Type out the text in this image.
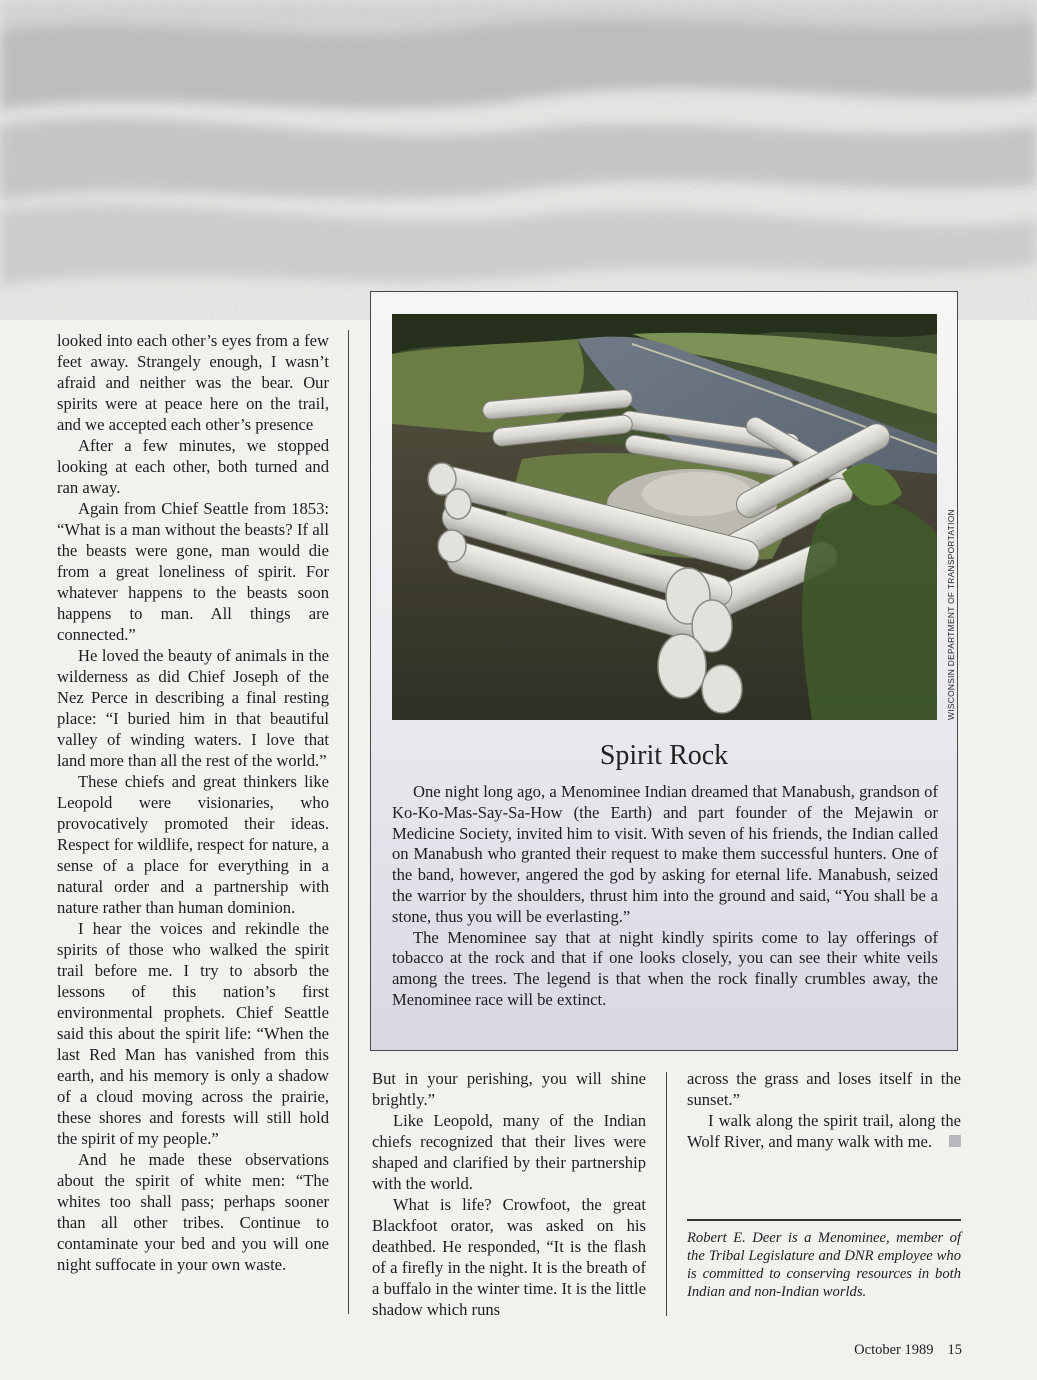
looked into each other’s eyes from a few feet away. Strangely enough, I wasn’t afraid and neither was the bear. Our spirits were at peace here on the trail, and we accepted each other’s presence

After a few minutes, we stopped looking at each other, both turned and ran away.

Again from Chief Seattle from 1853: “What is a man without the beasts? If all the beasts were gone, man would die from a great loneliness of spirit. For whatever happens to the beasts soon happens to man. All things are connected.”

He loved the beauty of animals in the wilderness as did Chief Joseph of the Nez Perce in describing a final resting place: “I buried him in that beautiful valley of winding waters. I love that land more than all the rest of the world.”

These chiefs and great thinkers like Leopold were visionaries, who provocatively promoted their ideas. Respect for wildlife, respect for nature, a sense of a place for everything in a natural order and a partnership with nature rather than human dominion.

I hear the voices and rekindle the spirits of those who walked the spirit trail before me. I try to absorb the lessons of this nation’s first environmental prophets. Chief Seattle said this about the spirit life: “When the last Red Man has vanished from this earth, and his memory is only a shadow of a cloud moving across the prairie, these shores and forests will still hold the spirit of my people.”

And he made these observations about the spirit of white men: “The whites too shall pass; perhaps sooner than all other tribes. Continue to contaminate your bed and you will one night suffocate in your own waste.

Spirit Rock

One night long ago, a Menominee Indian dreamed that Manabush, grandson of Ko-Ko-Mas-Say-Sa-How (the Earth) and part founder of the Mejawin or Medicine Society, invited him to visit. With seven of his friends, the Indian called on Manabush who granted their request to make them successful hunters. One of the band, however, angered the god by asking for eternal life. Manabush, seized the warrior by the shoulders, thrust him into the ground and said, “You shall be a stone, thus you will be everlasting.”

The Menominee say that at night kindly spirits come to lay offerings of tobacco at the rock and that if one looks closely, you can see their white veils among the trees. The legend is that when the rock finally crumbles away, the Menominee race will be extinct.

WISCONSIN DEPARTMENT OF TRANSPORTATION

But in your perishing, you will shine brightly.”

Like Leopold, many of the Indian chiefs recognized that their lives were shaped and clarified by their partnership with the world.

What is life? Crowfoot, the great Blackfoot orator, was asked on his deathbed. He responded, “It is the flash of a firefly in the night. It is the breath of a buffalo in the winter time. It is the little shadow which runs

across the grass and loses itself in the sunset.”

I walk along the spirit trail, along the Wolf River, and many walk with me.

Robert E. Deer is a Menominee, member of the Tribal Legislature and DNR employee who is committed to conserving resources in both Indian and non-Indian worlds.
October 1989 15
